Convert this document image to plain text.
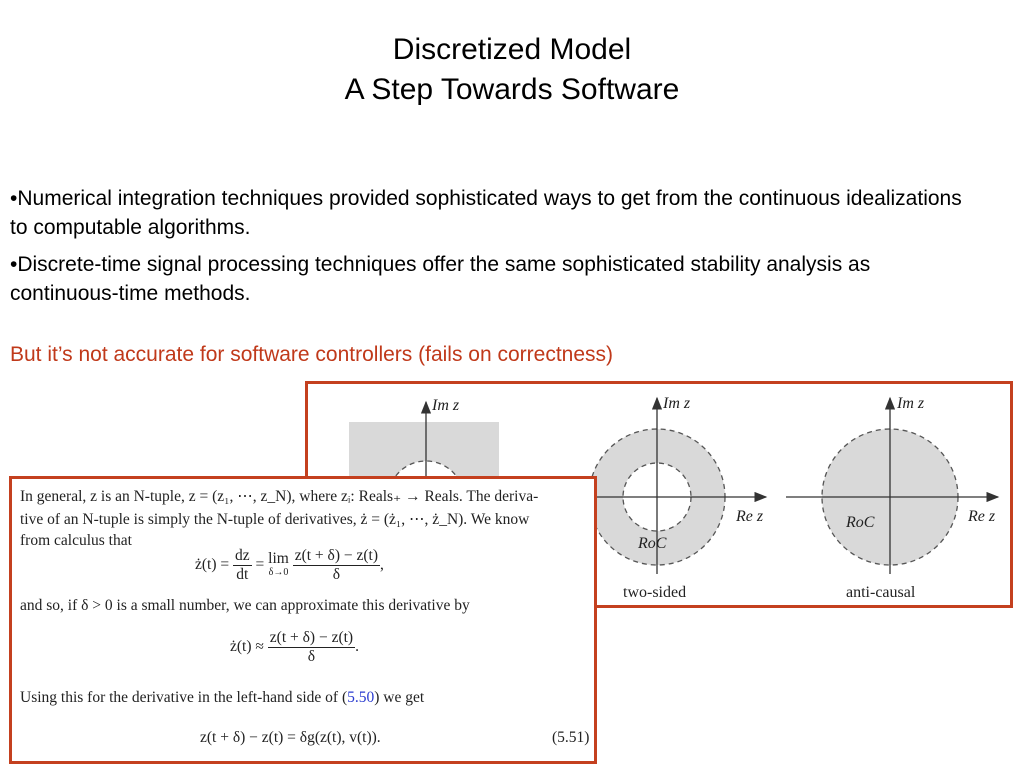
Discretized Model
A Step Towards Software

•Numerical integration techniques provided sophisticated ways to get from the continuous idealizations to computable algorithms.

•Discrete-time signal processing techniques offer the same sophisticated stability analysis as continuous-time methods.

But it’s not accurate for software controllers (fails on correctness)
Im z	Im z
Re z
RoC
two-sided
Im z
Re z
RoC
anti-causal
In general, z is an N-tuple, z = (z₁, ⋯, z_N), where zᵢ: Reals₊ → Reals. The deriva-
tive of an N-tuple is simply the N-tuple of derivatives, ż = (ż₁, ⋯, ż_N). We know
from calculus that
ż(t) = $\frac{dz}{dt} = \lim$
δ→0
$\frac{z(t + \delta) - z(t)}{\delta}$ ,
and so, if δ > 0 is a small number, we can approximate this derivative by
ż(t) ≈ $\frac{z(t + \delta) - z(t)}{\delta}$ .
Using this for the derivative in the left-hand side of (5.50) we get
z(t + δ) − z(t) = δg(z(t), v(t)).	(5.51)
